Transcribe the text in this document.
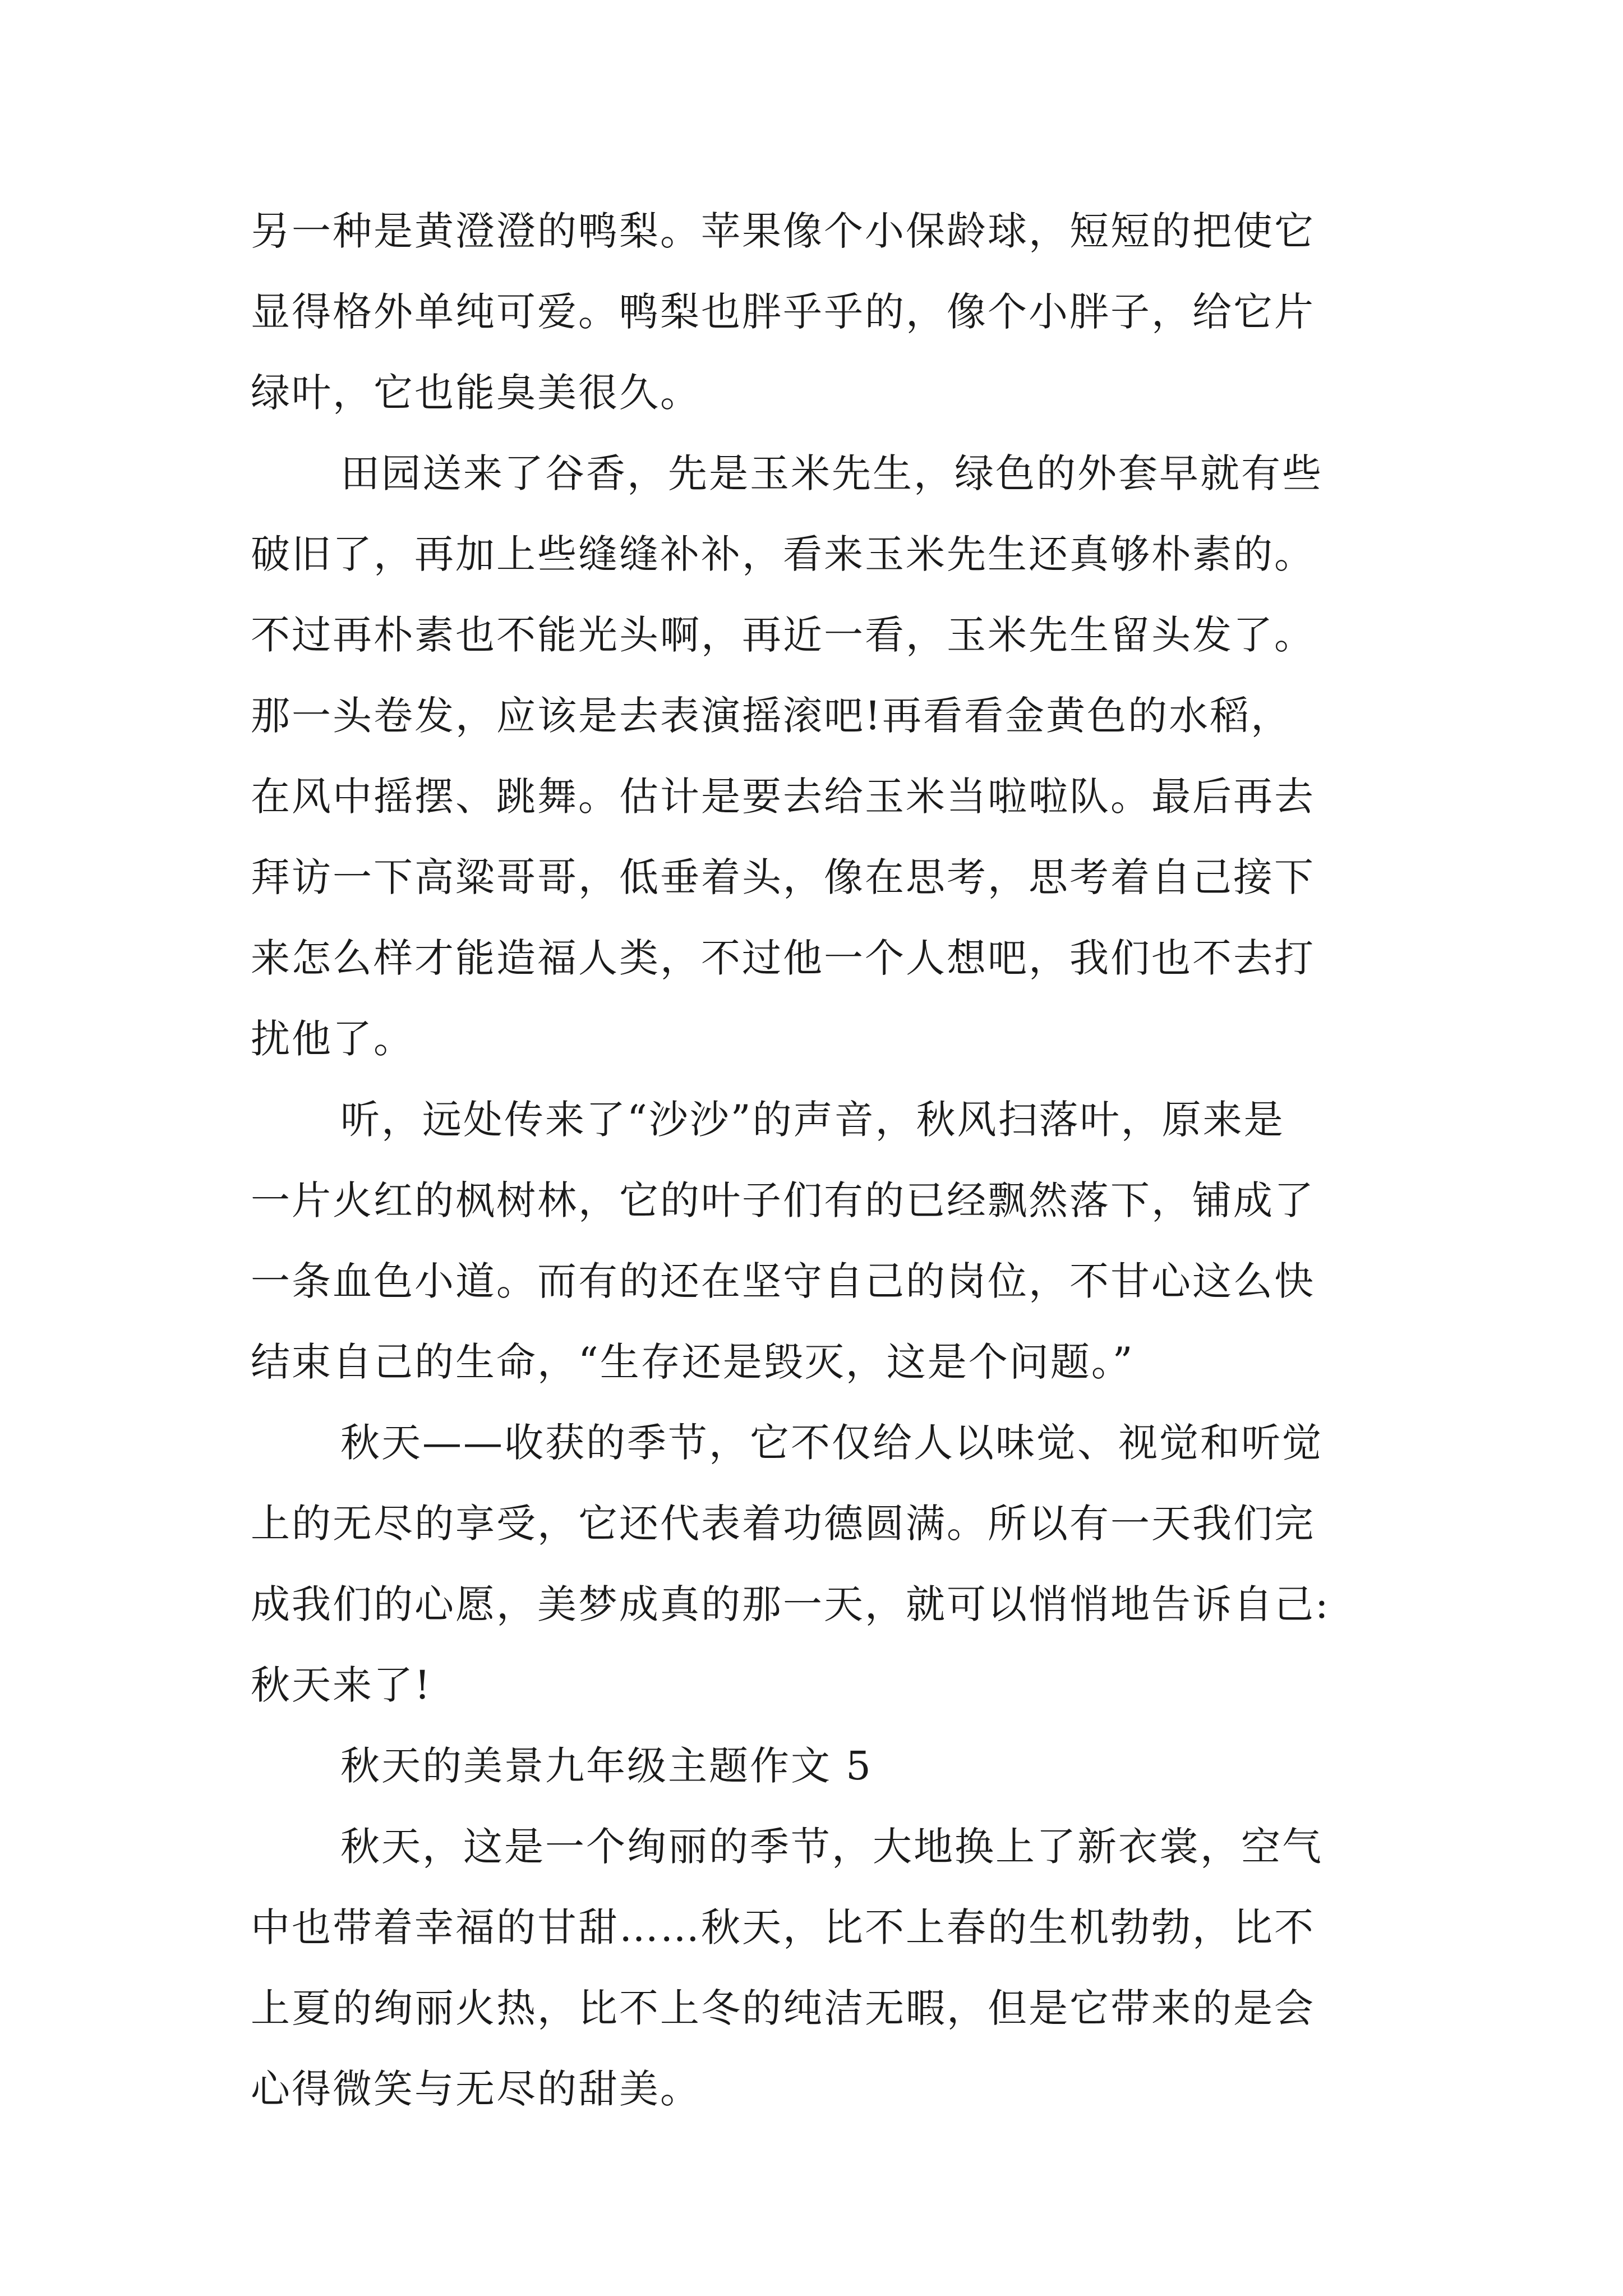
另一种是黄澄澄的鸭梨。苹果像个小保龄球，短短的把使它
显得格外单纯可爱。鸭梨也胖乎乎的，像个小胖子，给它片
绿叶，它也能臭美很久。
田园送来了谷香，先是玉米先生，绿色的外套早就有些
破旧了，再加上些缝缝补补，看来玉米先生还真够朴素的。
不过再朴素也不能光头啊，再近一看，玉米先生留头发了。
那一头卷发，应该是去表演摇滚吧!再看看金黄色的水稻，
在风中摇摆、跳舞。估计是要去给玉米当啦啦队。最后再去
拜访一下高粱哥哥，低垂着头，像在思考，思考着自己接下
来怎么样才能造福人类，不过他一个人想吧，我们也不去打
扰他了。
听，远处传来了“沙沙”的声音，秋风扫落叶，原来是
一片火红的枫树林，它的叶子们有的已经飘然落下，铺成了
一条血色小道。而有的还在坚守自己的岗位，不甘心这么快
结束自己的生命，“生存还是毁灭，这是个问题。”
秋天——收获的季节，它不仅给人以味觉、视觉和听觉
上的无尽的享受，它还代表着功德圆满。所以有一天我们完
成我们的心愿，美梦成真的那一天，就可以悄悄地告诉自己:
秋天来了!
秋天的美景九年级主题作文 5
秋天，这是一个绚丽的季节，大地换上了新衣裳，空气
中也带着幸福的甘甜……秋天，比不上春的生机勃勃，比不
上夏的绚丽火热，比不上冬的纯洁无暇，但是它带来的是会
心得微笑与无尽的甜美。
